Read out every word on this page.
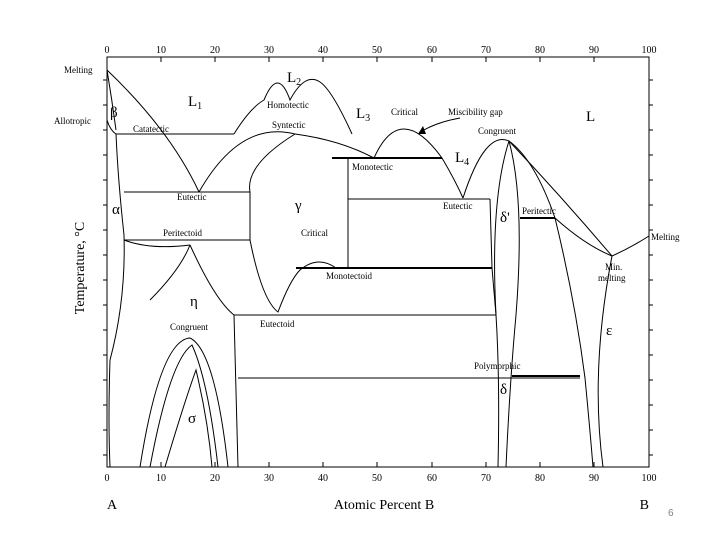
0	10	20	30	40	50	60	70	80	90	100
0	10	20	30	40	50	60	70	80	90	100
Atomic Percent B
Temperature, °C
A	B
$L_1$
$L_2$
$L_3$
$L_4$
L
β
α	γ
η
σ
δ'
δ
ε
Melting
Allotropic
Catatectic
Homotectic
Syntectic
Critical	Miscibility gap
Congruent
Monotectic
Eutectic
Eutectic	Peritectic
Melting
Peritectoid	Critical
Monotectoid
Min.
melting
Congruent	Eutectoid
Polymorphic
6
